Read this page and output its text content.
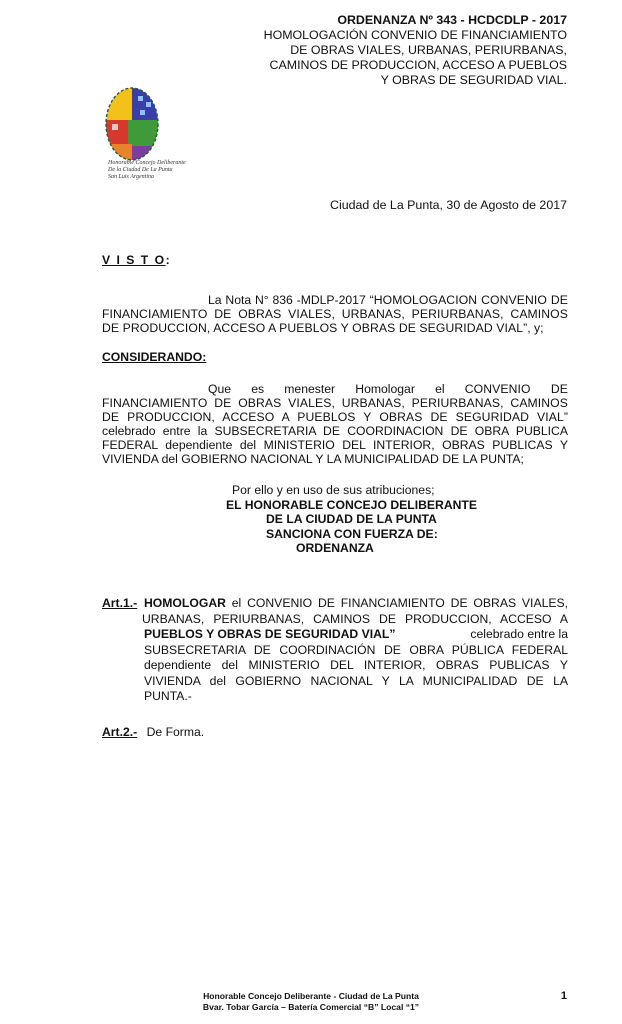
ORDENANZA Nº 343 - HCDCDLP - 2017
HOMOLOGACIÓN CONVENIO DE FINANCIAMIENTO
DE OBRAS VIALES, URBANAS, PERIURBANAS,
CAMINOS DE PRODUCCION, ACCESO A PUEBLOS
Y OBRAS DE SEGURIDAD VIAL.
Honorable Concejo Deliberante
De la Ciudad De La Punta
San Luis Argentina
Ciudad de La Punta, 30 de Agosto de 2017
V I S T O:
La Nota N° 836 -MDLP-2017 “HOMOLOGACION CONVENIO DE FINANCIAMIENTO DE OBRAS VIALES, URBANAS, PERIURBANAS, CAMINOS DE PRODUCCION, ACCESO A PUEBLOS Y OBRAS DE SEGURIDAD VIAL”, y;
CONSIDERANDO:
Que es menester Homologar el CONVENIO DE FINANCIAMIENTO DE OBRAS VIALES, URBANAS, PERIURBANAS, CAMINOS DE PRODUCCION, ACCESO A PUEBLOS Y OBRAS DE SEGURIDAD VIAL” celebrado entre la SUBSECRETARIA DE COORDINACION DE OBRA PUBLICA FEDERAL dependiente del MINISTERIO DEL INTERIOR, OBRAS PUBLICAS Y VIVIENDA del GOBIERNO NACIONAL Y LA MUNICIPALIDAD DE LA PUNTA;
Por ello y en uso de sus atribuciones;
EL HONORABLE CONCEJO DELIBERANTE
DE LA CIUDAD DE LA PUNTA
SANCIONA CON FUERZA DE:
ORDENANZA
Art.1.- HOMOLOGAR el CONVENIO DE FINANCIAMIENTO DE OBRAS VIALES,
URBANAS, PERIURBANAS, CAMINOS DE PRODUCCION, ACCESO A
PUEBLOS Y OBRAS DE SEGURIDAD VIAL”	celebrado entre la
SUBSECRETARIA DE COORDINACIÓN DE OBRA PÚBLICA FEDERAL
dependiente del MINISTERIO DEL INTERIOR, OBRAS PUBLICAS Y
VIVIENDA del GOBIERNO NACIONAL Y LA MUNICIPALIDAD DE LA
PUNTA.-
Art.2.- De Forma.
Honorable Concejo Deliberante - Ciudad de La Punta
Bvar. Tobar García – Batería Comercial “B” Local “1”
1
